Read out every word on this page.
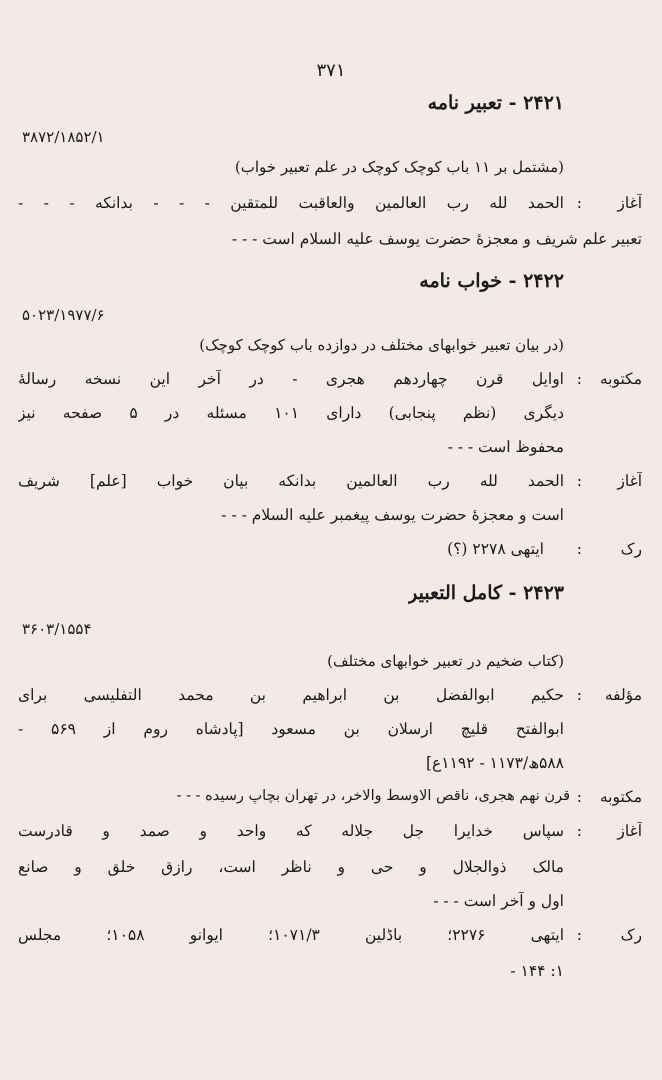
۳۷۱
۲۴۲۱ - تعبیر نامه
۳۸۷۲/۱۸۵۲/۱
(مشتمل بر ۱۱ باب کوچک کوچک در علم تعبیر خواب)
آغاز
:
الحمد لله رب العالمین والعاقبت للمتقین - - - بدانکه - - -
تعبیر علم شریف و معجزهٔ حضرت یوسف علیه السلام است - - -
۲۴۲۲ - خواب نامه
۵۰۲۳/۱۹۷۷/۶
(در بیان تعبیر خوابهای مختلف در دوازده باب کوچک کوچک)
مکتوبه
:
اوایل قرن چهاردهم هجری - در آخر این نسخه رسالهٔ
دیگری (نظم پنجابی) دارای ۱۰۱ مسئله در ۵ صفحه نیز
محفوظ است - - -
آغاز
:
الحمد لله رب العالمین بدانکه بیان خواب [علم] شریف
است و معجزهٔ حضرت یوسف پیغمبر علیه السلام - - -
رک
:
ایتهی ۲۲۷۸ (؟)
۲۴۲۳ - کامل التعبیر
۳۶۰۳/۱۵۵۴
(کتاب ضخیم در تعبیر خوابهای مختلف)
مؤلفه
:
حکیم ابوالفضل بن ابراهیم بن محمد التفلیسی برای
ابوالفتح قلیچ ارسلان بن مسعود [پادشاه روم از ۵۶۹ -
۵۸۸ھ/۱۱۷۳ - ۱۱۹۲ع]
مکتوبه
:
قرن نهم هجری، ناقص الاوسط والاخر، در تهران بچاپ رسیده - - -
آغاز
:
سپاس خدایرا جل جلاله که واحد و صمد و قادرست
مالک ذوالجلال و حی و ناظر است، رازق خلق و صانع
اول و آخر است - - -
رک
:
ایتهی ۲۲۷۶؛ باڈلین ۱۰۷۱/۳؛ ایوانو ۱۰۵۸؛ مجلس
۱: ۱۴۴ -
